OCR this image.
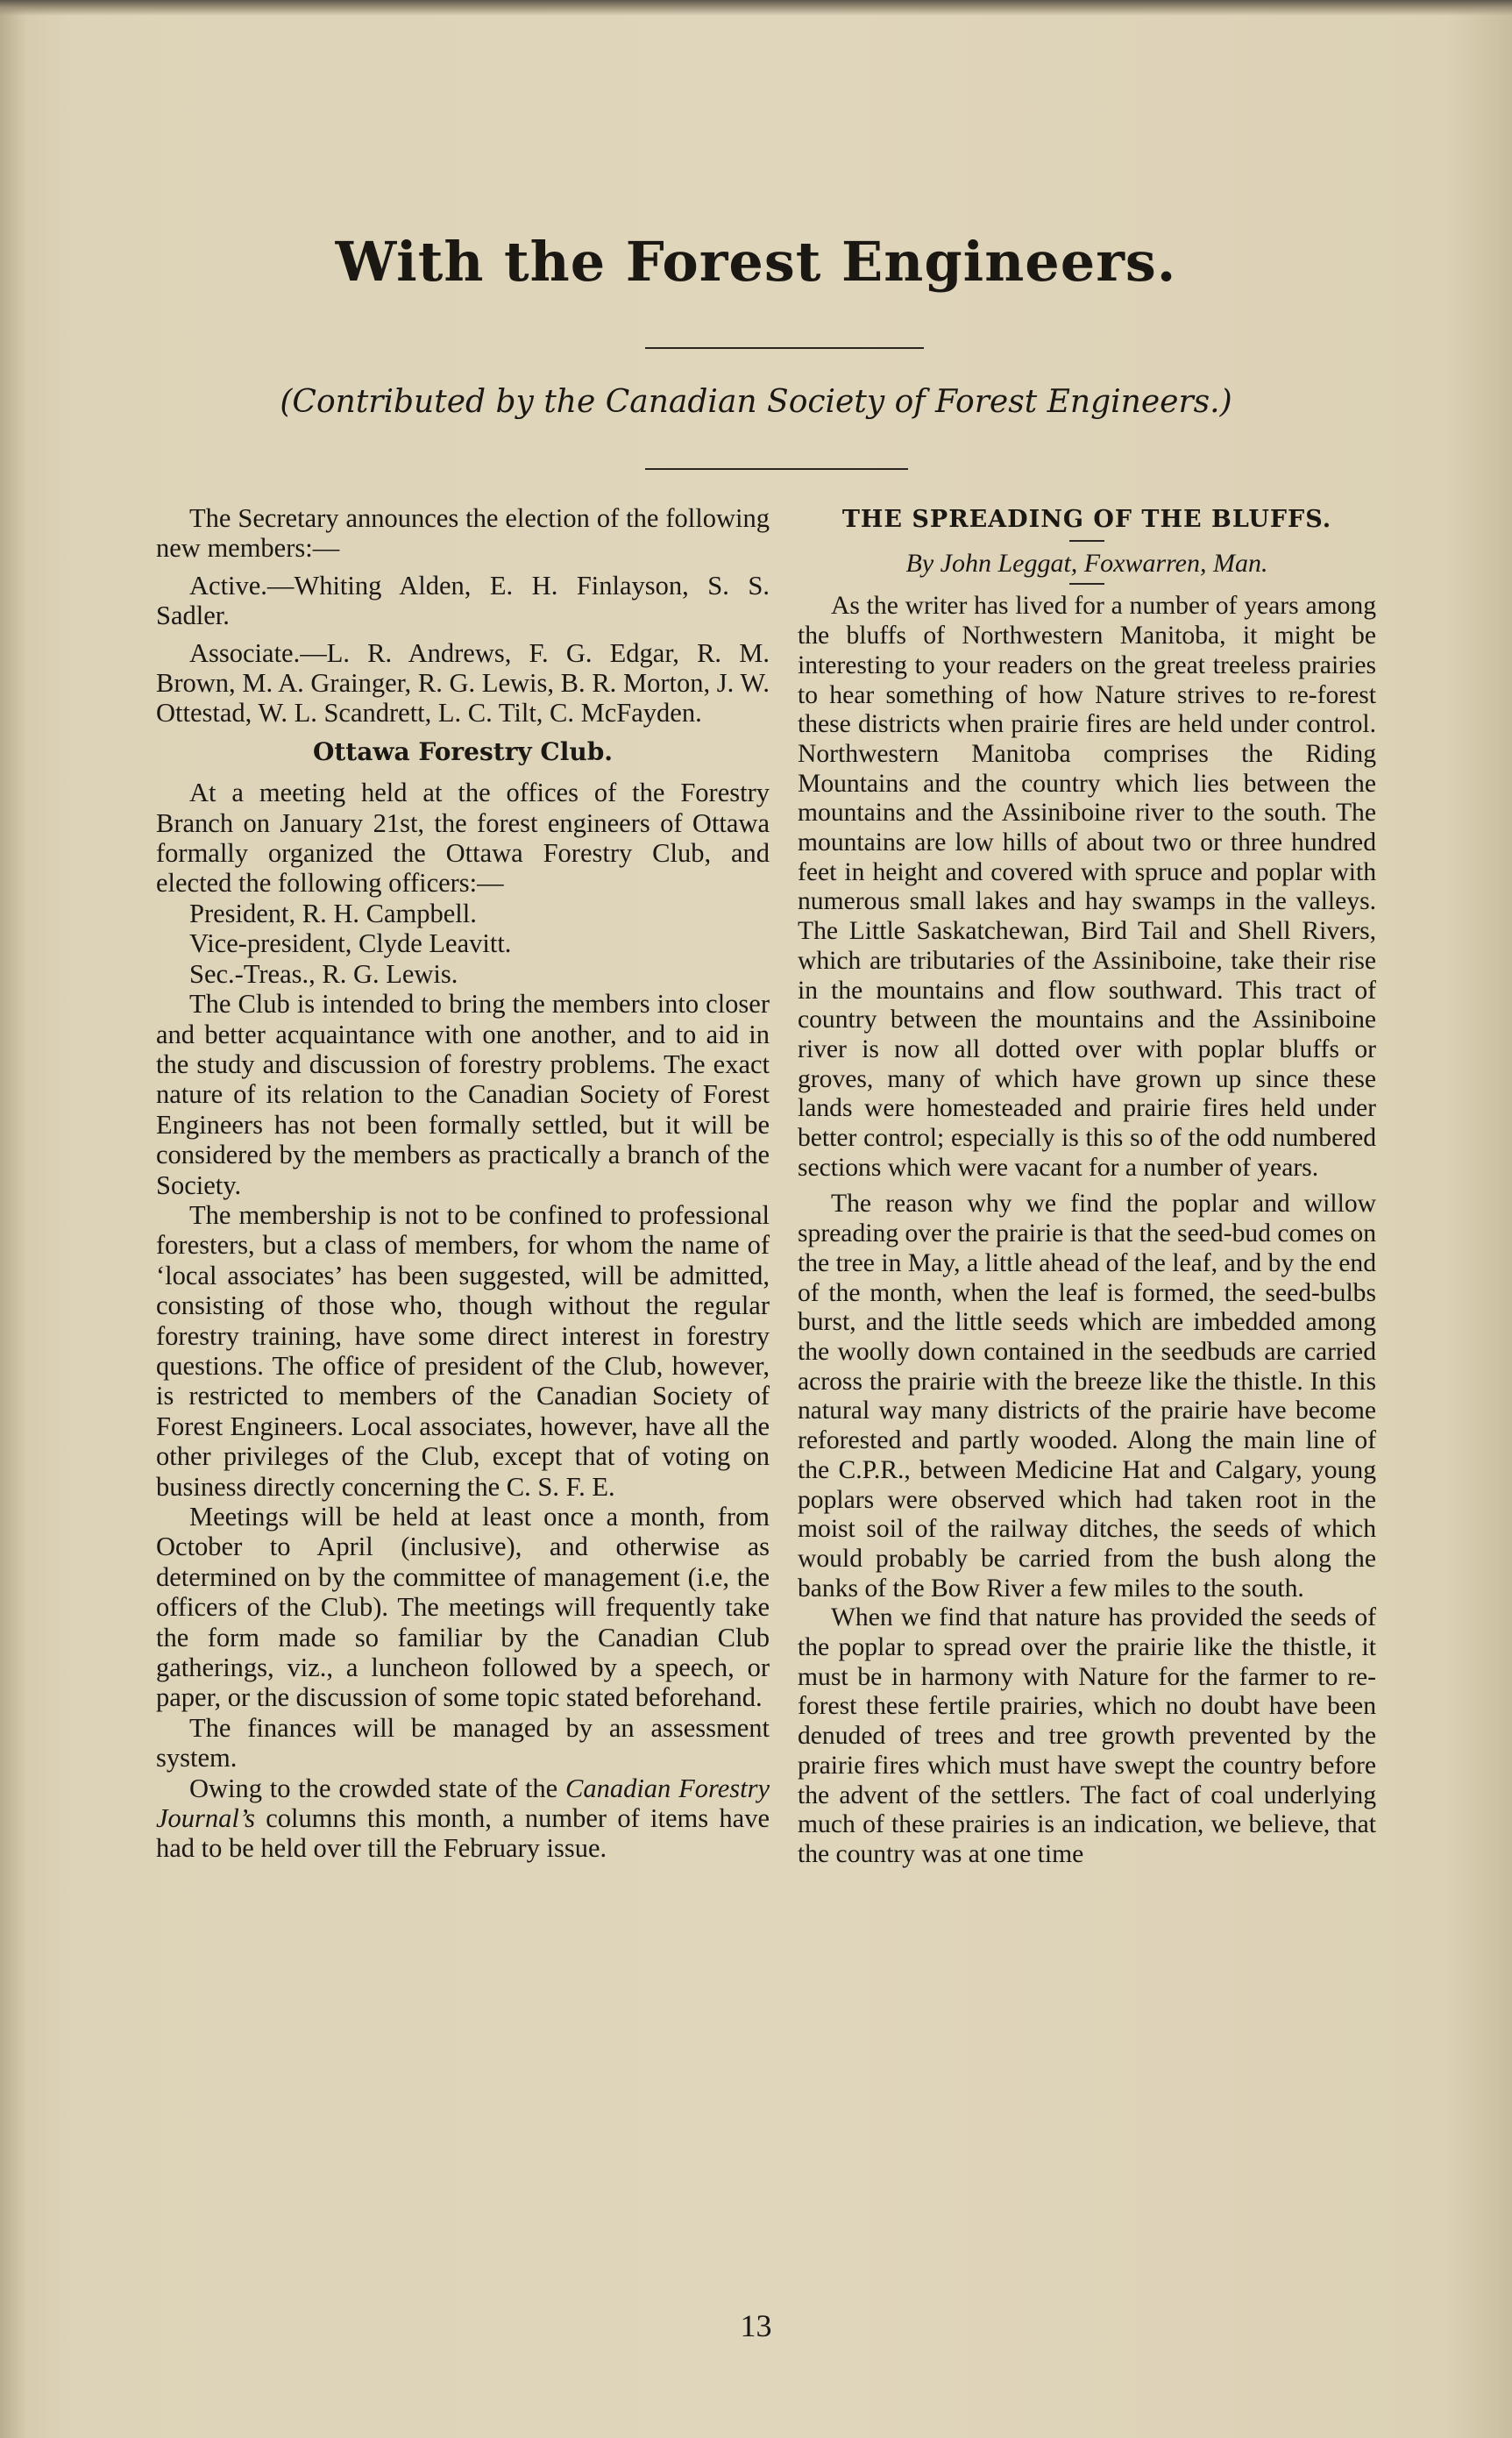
With the Forest Engineers.

(Contributed by the Canadian Society of Forest Engineers.)

The Secretary announces the election of the following new members:—

Active.—Whiting Alden, E. H. Finlayson, S. S. Sadler.

Associate.—L. R. Andrews, F. G. Edgar, R. M. Brown, M. A. Grainger, R. G. Lewis, B. R. Morton, J. W. Ottestad, W. L. Scandrett, L. C. Tilt, C. McFayden.

Ottawa Forestry Club.

At a meeting held at the offices of the Forestry Branch on January 21st, the forest engineers of Ottawa formally organized the Ottawa Forestry Club, and elected the following officers:—

President, R. H. Campbell.

Vice-president, Clyde Leavitt.

Sec.-Treas., R. G. Lewis.

The Club is intended to bring the members into closer and better acquaintance with one another, and to aid in the study and discussion of forestry problems. The exact nature of its relation to the Canadian Society of Forest Engineers has not been formally settled, but it will be considered by the members as practically a branch of the Society.

The membership is not to be confined to professional foresters, but a class of members, for whom the name of ‘local associates’ has been suggested, will be admitted, consisting of those who, though without the regular forestry training, have some direct interest in forestry questions. The office of president of the Club, however, is restricted to members of the Canadian Society of Forest Engineers. Local associates, however, have all the other privileges of the Club, except that of voting on business directly concerning the C. S. F. E.

Meetings will be held at least once a month, from October to April (inclusive), and otherwise as determined on by the committee of management (i.e, the officers of the Club). The meetings will frequently take the form made so familiar by the Canadian Club gatherings, viz., a luncheon followed by a speech, or paper, or the discussion of some topic stated beforehand.

The finances will be managed by an assessment system.

Owing to the crowded state of the Canadian Forestry Journal’s columns this month, a number of items have had to be held over till the February issue.

THE SPREADING OF THE BLUFFS.
By John Leggat, Foxwarren, Man.

As the writer has lived for a number of years among the bluffs of Northwestern Manitoba, it might be interesting to your readers on the great treeless prairies to hear something of how Nature strives to re-forest these districts when prairie fires are held under control. Northwestern Manitoba comprises the Riding Mountains and the country which lies between the mountains and the Assiniboine river to the south. The mountains are low hills of about two or three hundred feet in height and covered with spruce and poplar with numerous small lakes and hay swamps in the valleys. The Little Saskatchewan, Bird Tail and Shell Rivers, which are tributaries of the Assiniboine, take their rise in the mountains and flow southward. This tract of country between the mountains and the Assiniboine river is now all dotted over with poplar bluffs or groves, many of which have grown up since these lands were homesteaded and prairie fires held under better control; especially is this so of the odd numbered sections which were vacant for a number of years.

The reason why we find the poplar and willow spreading over the prairie is that the seed-bud comes on the tree in May, a little ahead of the leaf, and by the end of the month, when the leaf is formed, the seed-bulbs burst, and the little seeds which are imbedded among the woolly down contained in the seedbuds are carried across the prairie with the breeze like the thistle. In this natural way many districts of the prairie have become reforested and partly wooded. Along the main line of the C.P.R., between Medicine Hat and Calgary, young poplars were observed which had taken root in the moist soil of the railway ditches, the seeds of which would probably be carried from the bush along the banks of the Bow River a few miles to the south.

When we find that nature has provided the seeds of the poplar to spread over the prairie like the thistle, it must be in harmony with Nature for the farmer to re-forest these fertile prairies, which no doubt have been denuded of trees and tree growth prevented by the prairie fires which must have swept the country before the advent of the settlers. The fact of coal underlying much of these prairies is an indication, we believe, that the country was at one time

13
